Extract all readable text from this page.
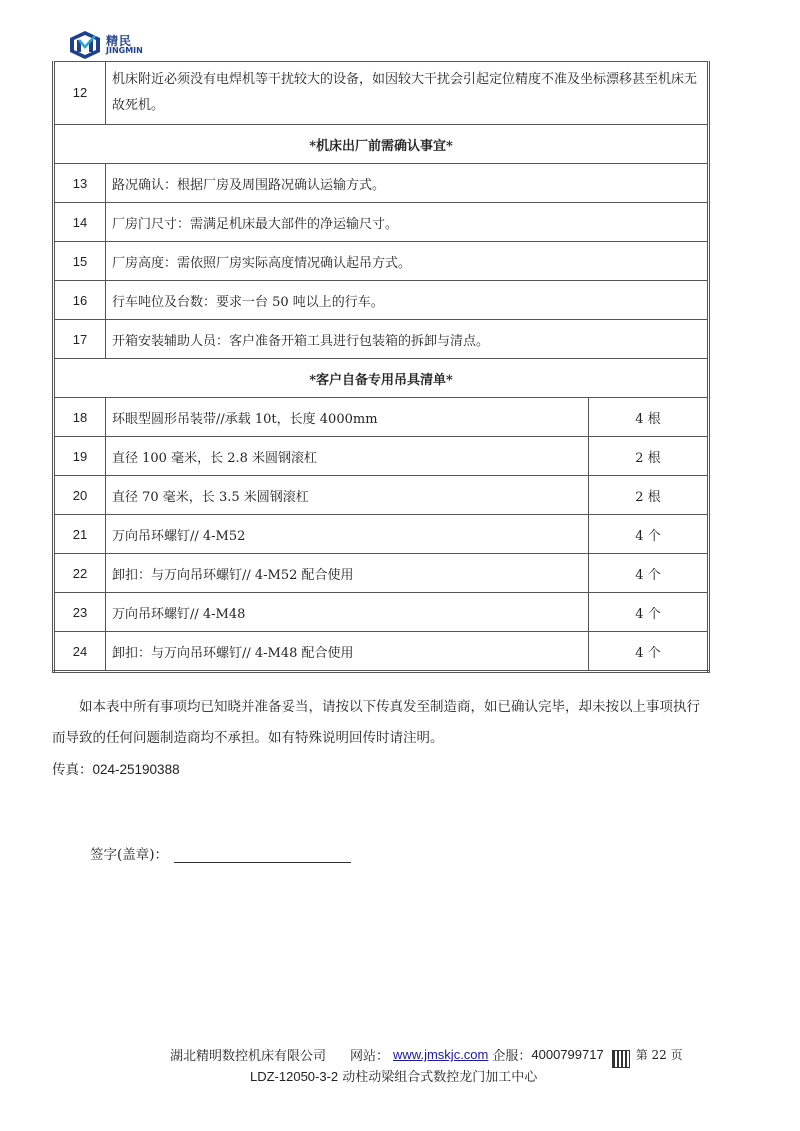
精民
JINGMIN
12	机床附近必须没有电焊机等干扰较大的设备，如因较大干扰会引起定位精度不准及坐标漂移甚至机床无故死机。	
*机床出厂前需确认事宜*		
13	路况确认：根据厂房及周围路况确认运输方式。	
14	厂房门尺寸：需满足机床最大部件的净运输尺寸。	
15	厂房高度：需依照厂房实际高度情况确认起吊方式。	
16	行车吨位及台数：要求一台 50 吨以上的行车。	
17	开箱安装辅助人员：客户准备开箱工具进行包装箱的拆卸与清点。	
*客户自备专用吊具清单*		
18	环眼型圆形吊装带//承载 10t，长度 4000mm	4 根
19	直径 100 毫米，长 2.8 米圆钢滚杠	2 根
20	直径 70 毫米，长 3.5 米圆钢滚杠	2 根
21	万向吊环螺钉// 4-M52	4 个
22	卸扣：与万向吊环螺钉// 4-M52 配合使用	4 个
23	万向吊环螺钉// 4-M48	4 个
24	卸扣：与万向吊环螺钉// 4-M48 配合使用	4 个
如本表中所有事项均已知晓并准备妥当，请按以下传真发至制造商，如已确认完毕，却未按以上事项执行而导致的任何问题制造商均不承担。如有特殊说明回传时请注明。
传真：024-25190388
签字(盖章)：
湖北精明数控机床有限公司 网站： www.jmskjc.com 企服： 4000799717	第 22 页
LDZ-12050-3-2 动柱动梁组合式数控龙门加工中心
